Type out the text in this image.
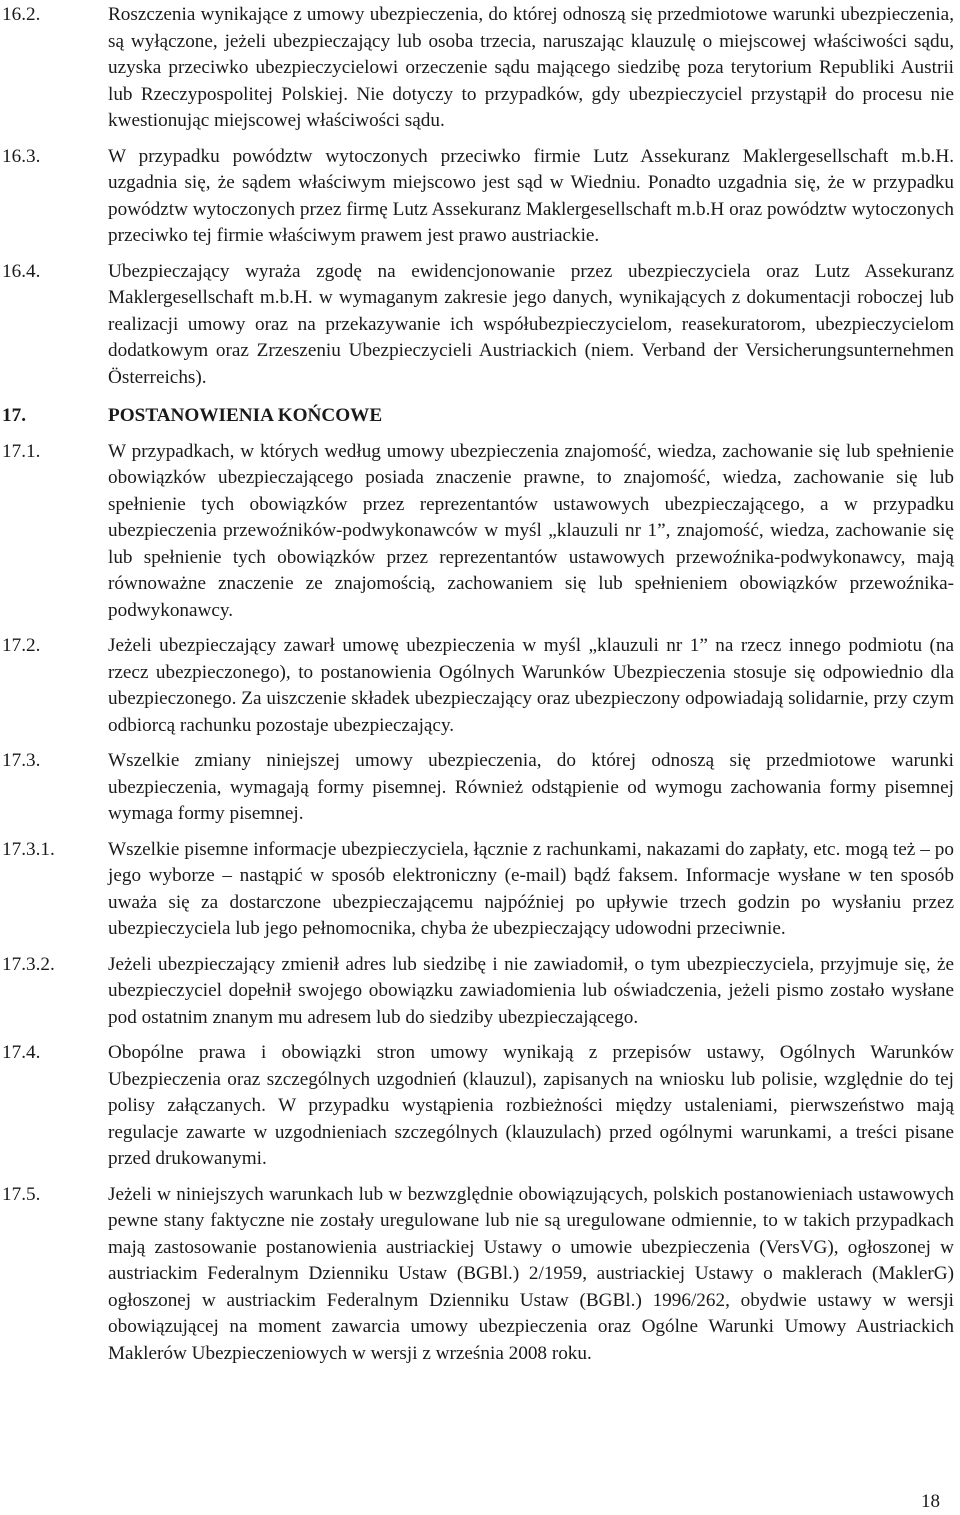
16.2.	Roszczenia wynikające z umowy ubezpieczenia, do której odnoszą się przedmiotowe warunki ubezpieczenia, są wyłączone, jeżeli ubezpieczający lub osoba trzecia, naruszając klauzulę o miejscowej właściwości sądu, uzyska przeciwko ubezpieczycielowi orzeczenie sądu mającego siedzibę poza terytorium Republiki Austrii lub Rzeczypospolitej Polskiej. Nie dotyczy to przypadków, gdy ubezpieczyciel przystąpił do procesu nie kwestionując miejscowej właściwości sądu.
16.3.	W przypadku powództw wytoczonych przeciwko firmie Lutz Assekuranz Maklergesellschaft m.b.H. uzgadnia się, że sądem właściwym miejscowo jest sąd w Wiedniu. Ponadto uzgadnia się, że w przypadku powództw wytoczonych przez firmę Lutz Assekuranz Maklergesellschaft m.b.H oraz powództw wytoczonych przeciwko tej firmie właściwym prawem jest prawo austriackie.
16.4.	Ubezpieczający wyraża zgodę na ewidencjonowanie przez ubezpieczyciela oraz Lutz Assekuranz Maklergesellschaft m.b.H. w wymaganym zakresie jego danych, wynikających z dokumentacji roboczej lub realizacji umowy oraz na przekazywanie ich współubezpieczycielom, reasekuratorom, ubezpieczycielom dodatkowym oraz Zrzeszeniu Ubezpieczycieli Austriackich (niem. Verband der Versicherungsunternehmen Österreichs).
17.	POSTANOWIENIA KOŃCOWE
17.1.	W przypadkach, w których według umowy ubezpieczenia znajomość, wiedza, zachowanie się lub spełnienie obowiązków ubezpieczającego posiada znaczenie prawne, to znajomość, wiedza, zachowanie się lub spełnienie tych obowiązków przez reprezentantów ustawowych ubezpieczającego, a w przypadku ubezpieczenia przewoźników-podwykonawców w myśl „klauzuli nr 1”, znajomość, wiedza, zachowanie się lub spełnienie tych obowiązków przez reprezentantów ustawowych przewoźnika-podwykonawcy, mają równoważne znaczenie ze znajomością, zachowaniem się lub spełnieniem obowiązków przewoźnika-podwykonawcy.
17.2.	Jeżeli ubezpieczający zawarł umowę ubezpieczenia w myśl „klauzuli nr 1” na rzecz innego podmiotu (na rzecz ubezpieczonego), to postanowienia Ogólnych Warunków Ubezpieczenia stosuje się odpowiednio dla ubezpieczonego. Za uiszczenie składek ubezpieczający oraz ubezpieczony odpowiadają solidarnie, przy czym odbiorcą rachunku pozostaje ubezpieczający.
17.3.	Wszelkie zmiany niniejszej umowy ubezpieczenia, do której odnoszą się przedmiotowe warunki ubezpieczenia, wymagają formy pisemnej. Również odstąpienie od wymogu zachowania formy pisemnej wymaga formy pisemnej.
17.3.1.	Wszelkie pisemne informacje ubezpieczyciela, łącznie z rachunkami, nakazami do zapłaty, etc. mogą też – po jego wyborze – nastąpić w sposób elektroniczny (e-mail) bądź faksem. Informacje wysłane w ten sposób uważa się za dostarczone ubezpieczającemu najpóźniej po upływie trzech godzin po wysłaniu przez ubezpieczyciela lub jego pełnomocnika, chyba że ubezpieczający udowodni przeciwnie.
17.3.2.	Jeżeli ubezpieczający zmienił adres lub siedzibę i nie zawiadomił, o tym ubezpieczyciela, przyjmuje się, że ubezpieczyciel dopełnił swojego obowiązku zawiadomienia lub oświadczenia, jeżeli pismo zostało wysłane pod ostatnim znanym mu adresem lub do siedziby ubezpieczającego.
17.4.	Obopólne prawa i obowiązki stron umowy wynikają z przepisów ustawy, Ogólnych Warunków Ubezpieczenia oraz szczególnych uzgodnień (klauzul), zapisanych na wniosku lub polisie, względnie do tej polisy załączanych. W przypadku wystąpienia rozbieżności między ustaleniami, pierwszeństwo mają regulacje zawarte w uzgodnieniach szczególnych (klauzulach) przed ogólnymi warunkami, a treści pisane przed drukowanymi.
17.5.	Jeżeli w niniejszych warunkach lub w bezwzględnie obowiązujących, polskich postanowieniach ustawowych pewne stany faktyczne nie zostały uregulowane lub nie są uregulowane odmiennie, to w takich przypadkach mają zastosowanie postanowienia austriackiej Ustawy o umowie ubezpieczenia (VersVG), ogłoszonej w austriackim Federalnym Dzienniku Ustaw (BGBl.) 2/1959, austriackiej Ustawy o maklerach (MaklerG) ogłoszonej w austriackim Federalnym Dzienniku Ustaw (BGBl.) 1996/262, obydwie ustawy w wersji obowiązującej na moment zawarcia umowy ubezpieczenia oraz Ogólne Warunki Umowy Austriackich Maklerów Ubezpieczeniowych w wersji z września 2008 roku.
18
